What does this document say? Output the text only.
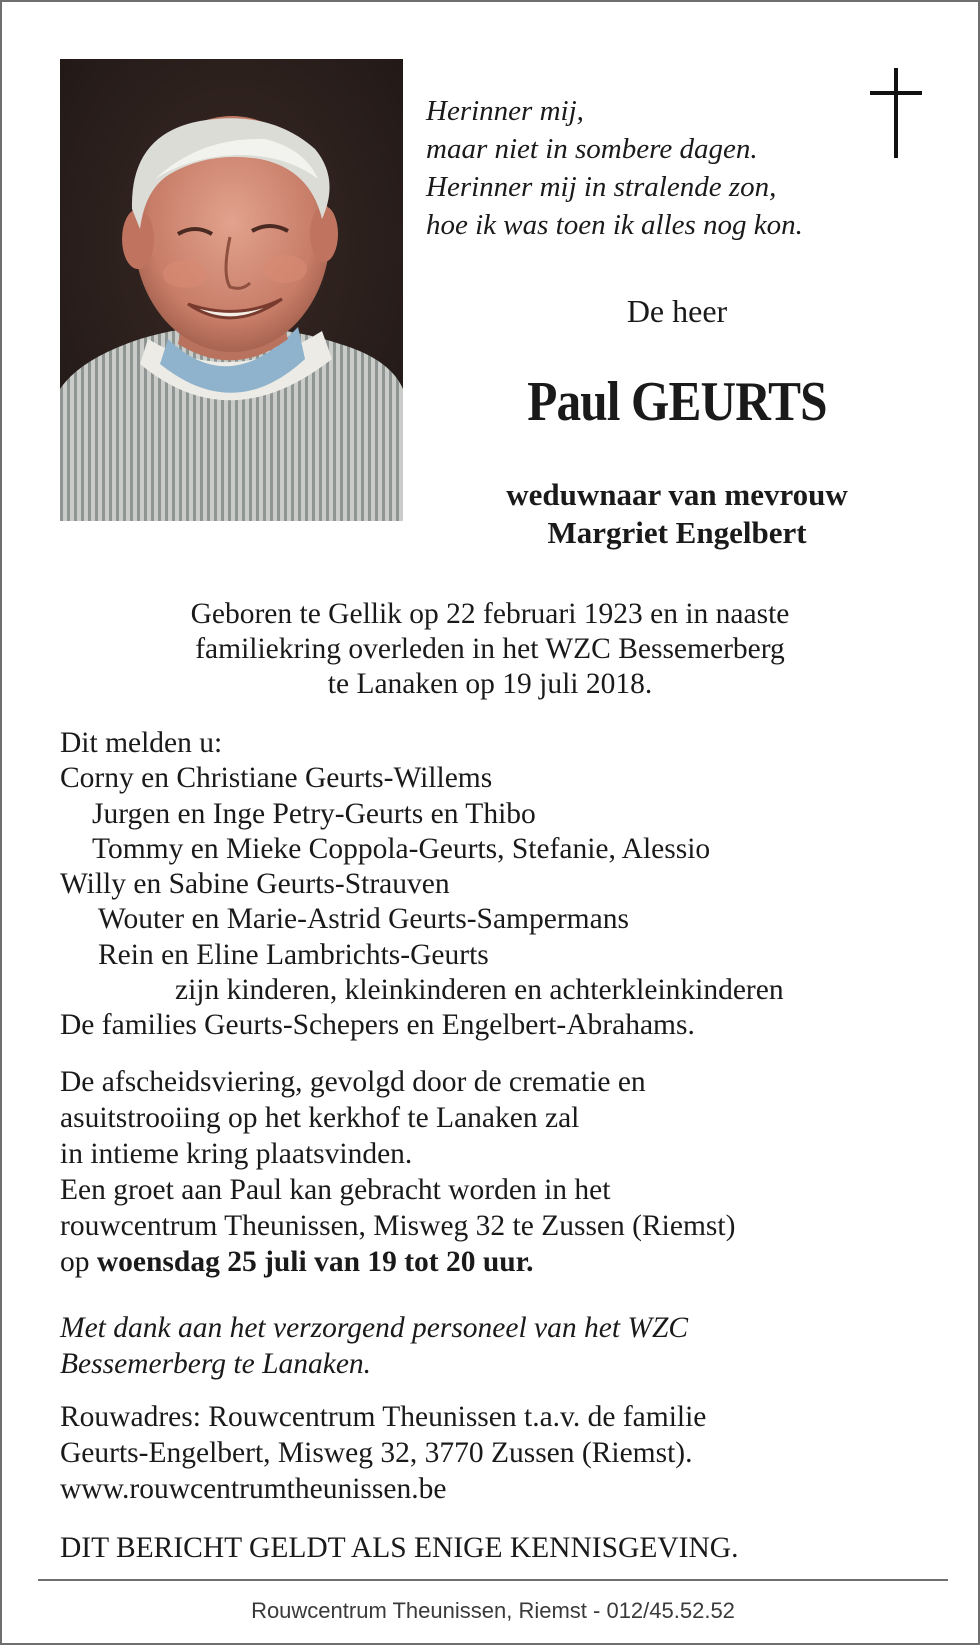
Herinner mij,
maar niet in sombere dagen.
Herinner mij in stralende zon,
hoe ik was toen ik alles nog kon.
De heer
Paul GEURTS
weduwnaar van mevrouw
Margriet Engelbert
Geboren te Gellik op 22 februari 1923 en in naaste
familiekring overleden in het WZC Bessemerberg
te Lanaken op 19 juli 2018.
Dit melden u:
Corny en Christiane Geurts-Willems
Jurgen en Inge Petry-Geurts en Thibo
Tommy en Mieke Coppola-Geurts, Stefanie, Alessio
Willy en Sabine Geurts-Strauven
Wouter en Marie-Astrid Geurts-Sampermans
Rein en Eline Lambrichts-Geurts
zijn kinderen, kleinkinderen en achterkleinkinderen
De families Geurts-Schepers en Engelbert-Abrahams.
De afscheidsviering, gevolgd door de crematie en
asuitstrooiing op het kerkhof te Lanaken zal
in intieme kring plaatsvinden.
Een groet aan Paul kan gebracht worden in het
rouwcentrum Theunissen, Misweg 32 te Zussen (Riemst)
op woensdag 25 juli van 19 tot 20 uur.
Met dank aan het verzorgend personeel van het WZC
Bessemerberg te Lanaken.
Rouwadres: Rouwcentrum Theunissen t.a.v. de familie
Geurts-Engelbert, Misweg 32, 3770 Zussen (Riemst).
www.rouwcentrumtheunissen.be
DIT BERICHT GELDT ALS ENIGE KENNISGEVING.
Rouwcentrum Theunissen, Riemst - 012/45.52.52
